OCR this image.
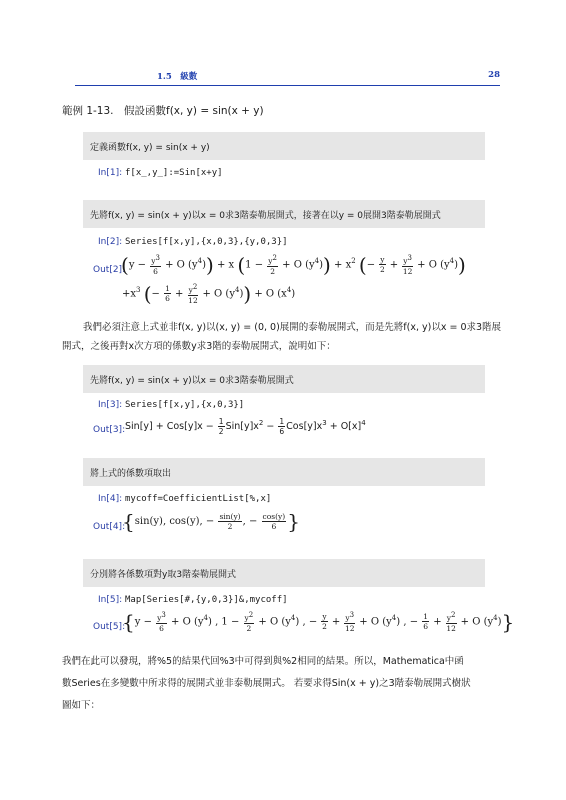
1.5　級數	28
範例 1-13.　假設函數f(x, y) = sin(x + y)
定義函數f(x, y) = sin(x + y)
In[1]: f[x_,y_]:=Sin[x+y]
先將f(x, y) = sin(x + y)以x = 0求3階泰勒展開式，接著在以y = 0展開3階泰勒展開式
In[2]: Series[f[x,y],{x,0,3},{y,0,3}]
Out[2]:
($y - \frac{y^3}{6} + O$ $(y^4)) + x$ ($1 - \frac{y^2}{2} + O$ $(y^4)) + x^2$ (− $\frac{y}{2} + \frac{y^3}{12} + O$ $(y^4)$)
$+x^3$ (− $\frac{1}{6} + \frac{y^2}{12} + O$ $(y^4)) + O$ $(x^4)$
我們必須注意上式並非f(x, y)以(x, y) = (0, 0)展開的泰勒展開式，而是先將f(x, y)以x = 0求3階展
開式，之後再對x次方項的係數y求3階的泰勒展開式，說明如下：
先將f(x, y) = sin(x + y)以x = 0求3階泰勒展開式
In[3]: Series[f[x,y],{x,0,3}]
Out[3]: $Sin[y] + Cos[y]x - \frac{1}{2} Sin[y]x^2 - \frac{1}{6} Cos[y]x^3 + O[x]^4$
將上式的係數項取出
In[4]: mycoff=CoefficientList[%,x]
Out[4]:
{sin(y), cos(y), − $\frac{\sin(y)}{2}$ , − $\frac{\cos(y)}{6}$ }
分別將各係數項對y取3階泰勒展開式
In[5]: Map[Series[#,{y,0,3}]&,mycoff]
Out[5]:
{$y - \frac{y^3}{6} + O$ $(y^4)$ , $1 - \frac{y^2}{2} + O$ $(y^4)$ , − $\frac{y}{2} + \frac{y^3}{12} + O$ $(y^4)$ , − $\frac{1}{6} + \frac{y^2}{12} + O$ $(y^4)$}
我們在此可以發現，將%5的結果代回%3中可得到與%2相同的結果。所以，Mathematica中函
數Series在多變數中所求得的展開式並非泰勒展開式。 若要求得Sin(x + y)之3階泰勒展開式樹狀
圖如下：
